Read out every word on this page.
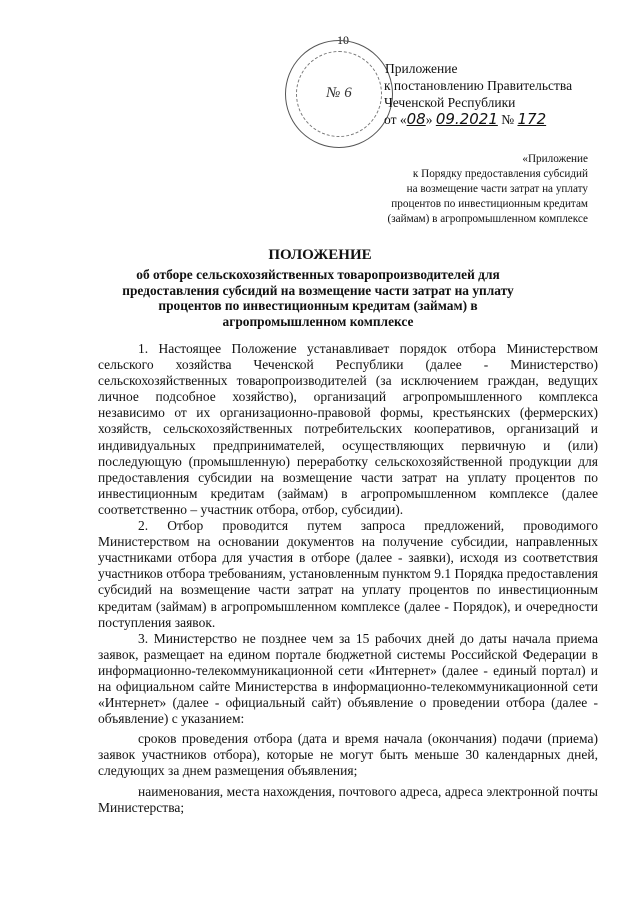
10
№ 6
Приложение
к постановлению Правительства
Чеченской Республики
от «08» 09.2021 № 172
«Приложение
к Порядку предоставления субсидий
на возмещение части затрат на уплату
процентов по инвестиционным кредитам
(займам) в агропромышленном комплексе
ПОЛОЖЕНИЕ
об отборе сельскохозяйственных товаропроизводителей для предоставления субсидий на возмещение части затрат на уплату процентов по инвестиционным кредитам (займам) в агропромышленном комплексе

1. Настоящее Положение устанавливает порядок отбора Министерством сельского хозяйства Чеченской Республики (далее - Министерство) сельскохозяйственных товаропроизводителей (за исключением граждан, ведущих личное подсобное хозяйство), организаций агропромышленного комплекса независимо от их организационно-правовой формы, крестьянских (фермерских) хозяйств, сельскохозяйственных потребительских кооперативов, организаций и индивидуальных предпринимателей, осуществляющих первичную и (или) последующую (промышленную) переработку сельскохозяйственной продукции для предоставления субсидии на возмещение части затрат на уплату процентов по инвестиционным кредитам (займам) в агропромышленном комплексе (далее соответственно – участник отбора, отбор, субсидии).

2. Отбор проводится путем запроса предложений, проводимого Министерством на основании документов на получение субсидии, направленных участниками отбора для участия в отборе (далее - заявки), исходя из соответствия участников отбора требованиям, установленным пунктом 9.1 Порядка предоставления субсидий на возмещение части затрат на уплату процентов по инвестиционным кредитам (займам) в агропромышленном комплексе (далее - Порядок), и очередности поступления заявок.

3. Министерство не позднее чем за 15 рабочих дней до даты начала приема заявок, размещает на едином портале бюджетной системы Российской Федерации в информационно-телекоммуникационной сети «Интернет» (далее - единый портал) и на официальном сайте Министерства в информационно-телекоммуникационной сети «Интернет» (далее - официальный сайт) объявление о проведении отбора (далее - объявление) с указанием:

сроков проведения отбора (дата и время начала (окончания) подачи (приема) заявок участников отбора), которые не могут быть меньше 30 календарных дней, следующих за днем размещения объявления;

наименования, места нахождения, почтового адреса, адреса электронной почты Министерства;
